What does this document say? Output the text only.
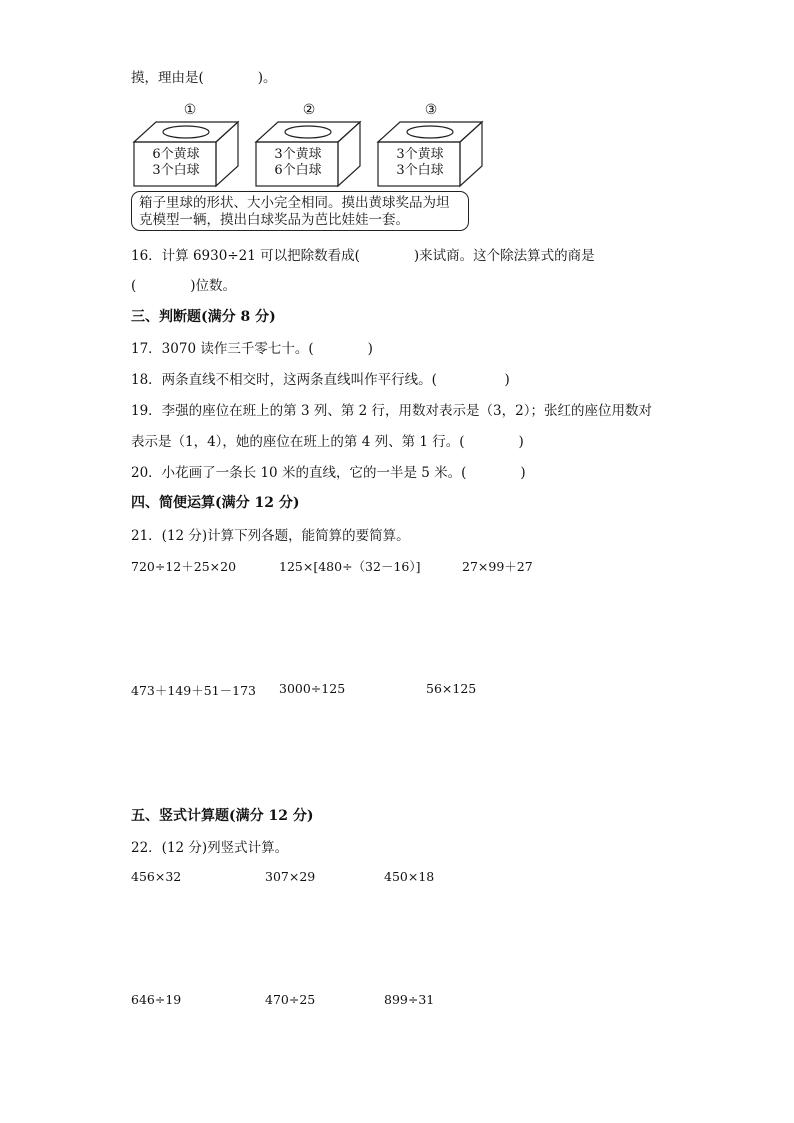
摸，理由是(　　　　)。
①	②	③
6个黄球
3个白球
3个黄球
6个白球
3个黄球
3个白球
箱子里球的形状、大小完全相同。摸出黄球奖品为坦
克模型一辆，摸出白球奖品为芭比娃娃一套。
16．计算 6930÷21 可以把除数看成(　　　　)来试商。这个除法算式的商是
(　　　　)位数。
三、判断题(满分 8 分)
17．3070 读作三千零七十。(　　　　)
18．两条直线不相交时，这两条直线叫作平行线。(　　　　　)
19．李强的座位在班上的第 3 列、第 2 行，用数对表示是（3，2）；张红的座位用数对
表示是（1，4），她的座位在班上的第 4 列、第 1 行。(　　　　)
20．小花画了一条长 10 米的直线，它的一半是 5 米。(　　　　)
四、简便运算(满分 12 分)
21．(12 分)计算下列各题，能简算的要简算。
720÷12＋25×20	125×[480÷（32－16）]	27×99＋27
473＋149＋51－173 3000÷125	56×125
五、竖式计算题(满分 12 分)
22．(12 分)列竖式计算。
456×32	307×29	450×18
646÷19	470÷25	899÷31
